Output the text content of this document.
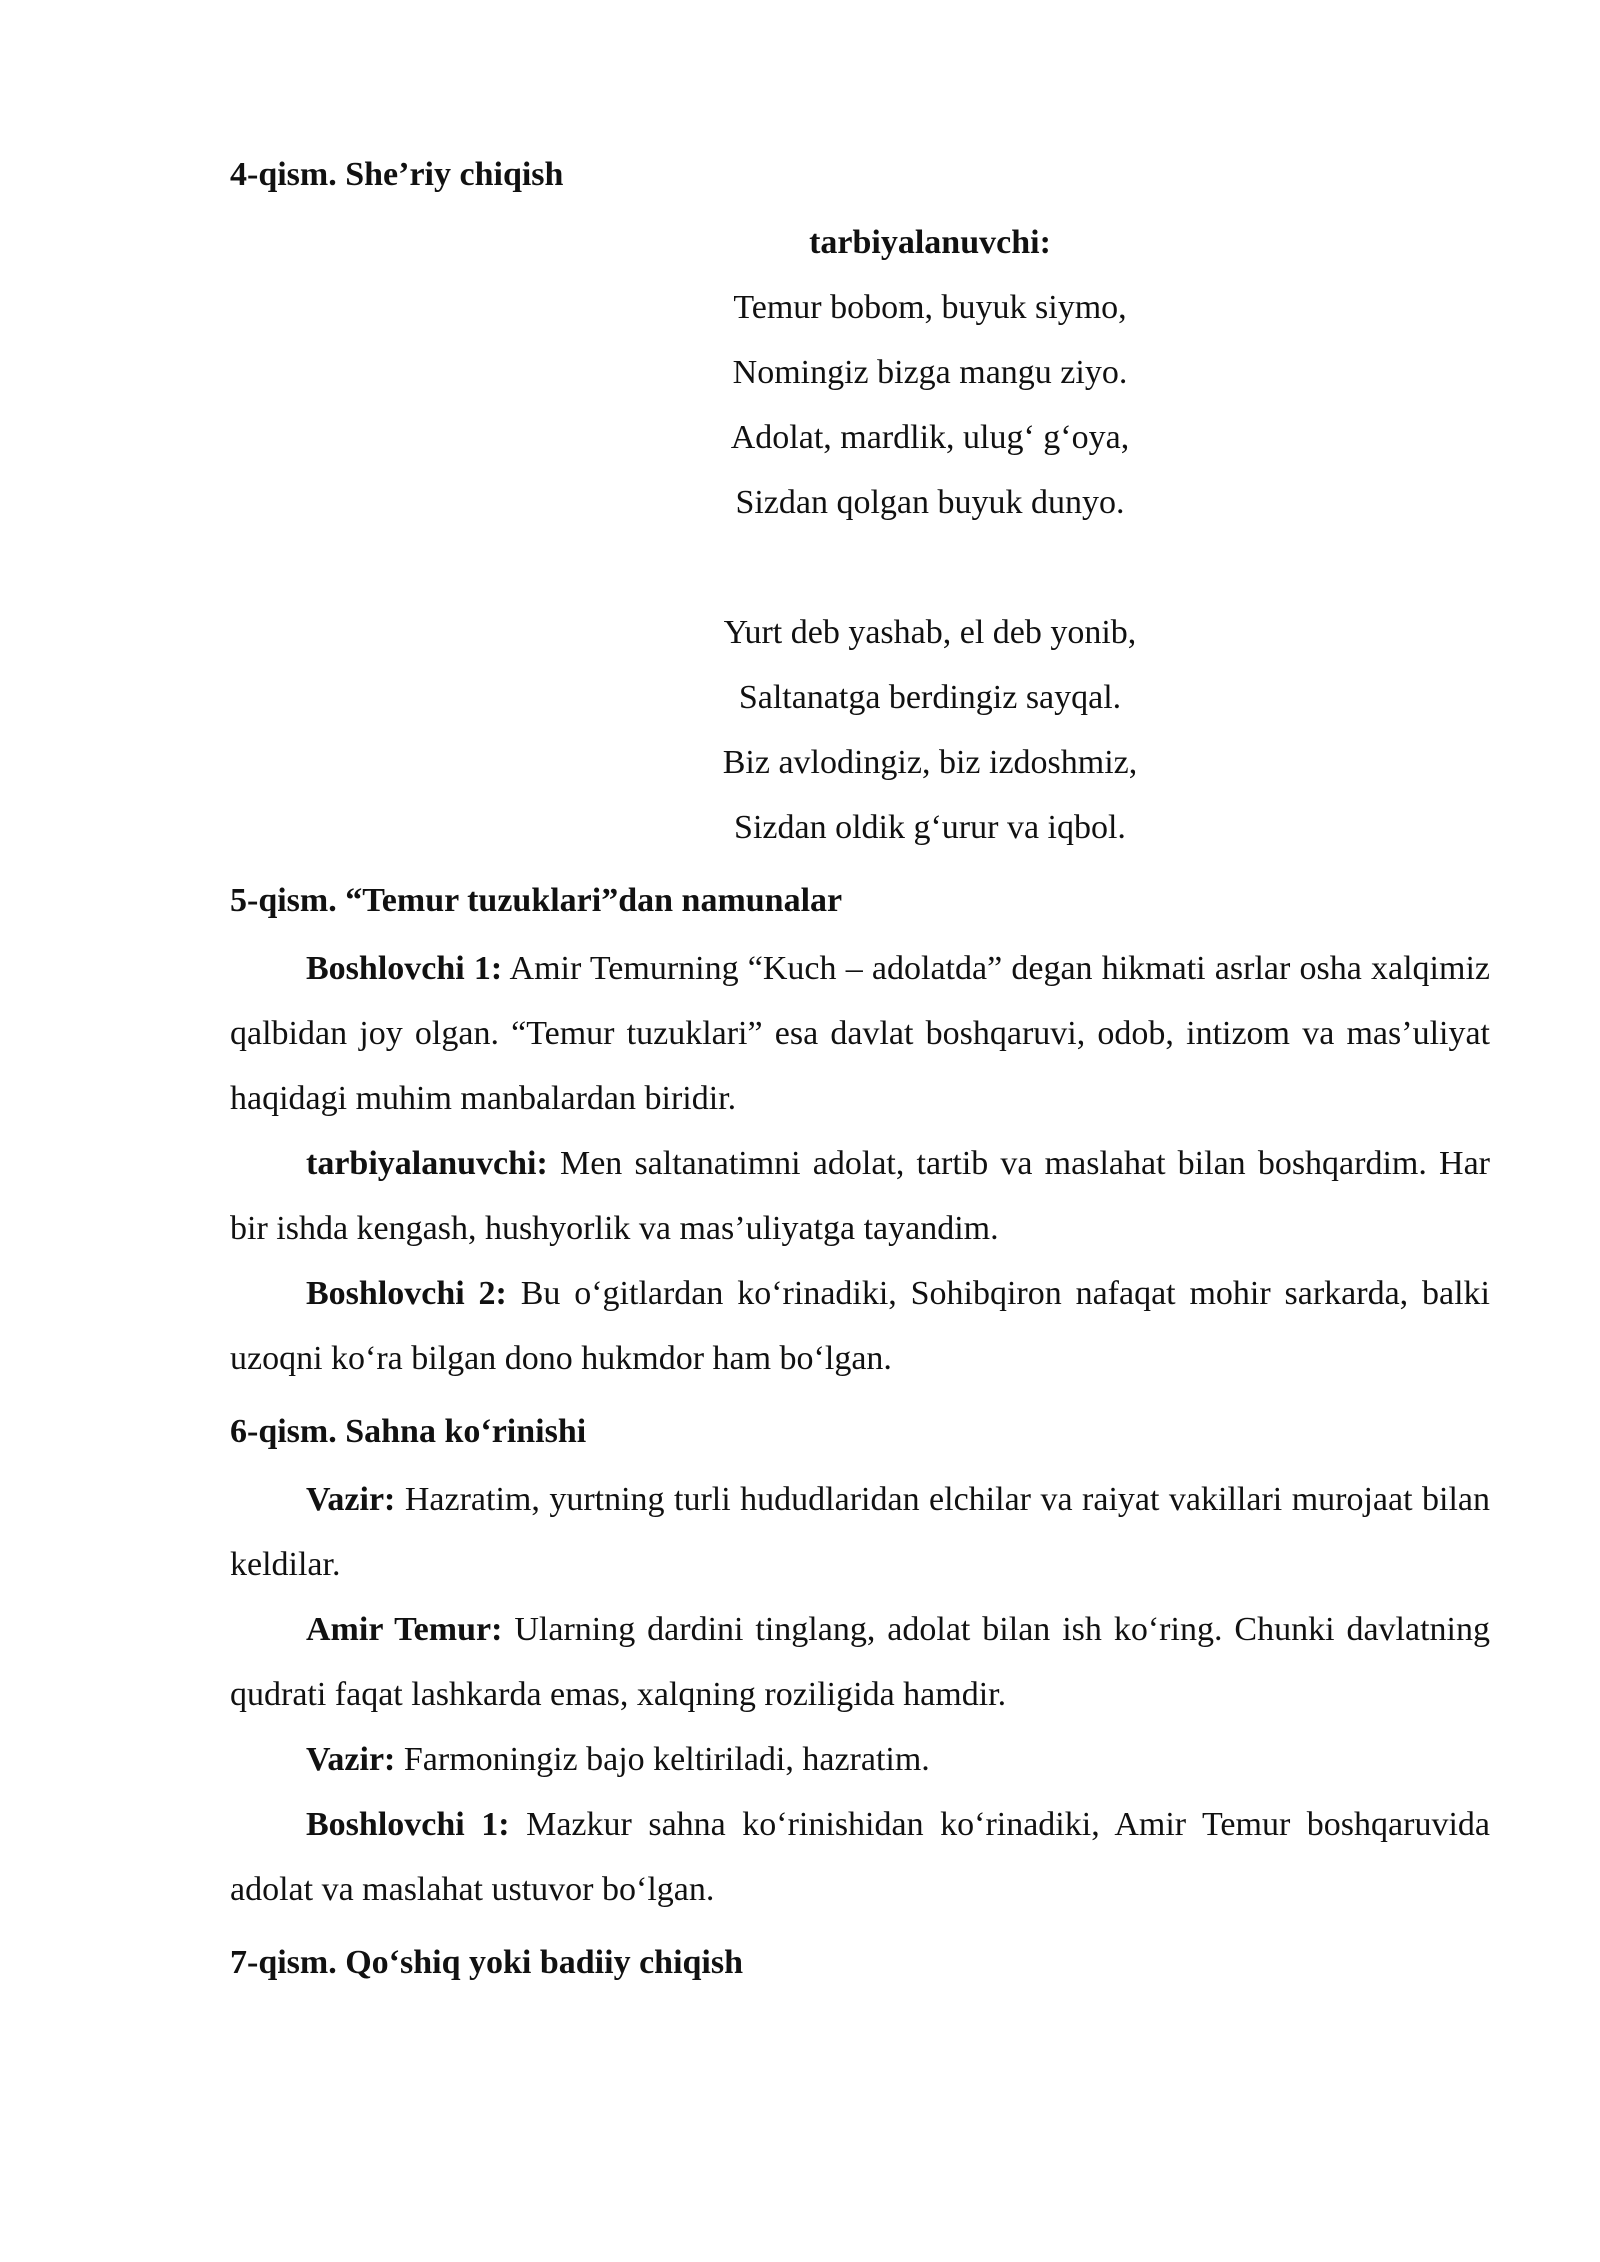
4-qism. She’riy chiqish
tarbiyalanuvchi:
Temur bobom, buyuk siymo,
Nomingiz bizga mangu ziyo.
Adolat, mardlik, ulug‘ g‘oya,
Sizdan qolgan buyuk dunyo.
Yurt deb yashab, el deb yonib,
Saltanatga berdingiz sayqal.
Biz avlodingiz, biz izdoshmiz,
Sizdan oldik g‘urur va iqbol.
5-qism. “Temur tuzuklari”dan namunalar

Boshlovchi 1: Amir Temurning “Kuch – adolatda” degan hikmati asrlar osha xalqimiz qalbidan joy olgan. “Temur tuzuklari” esa davlat boshqaruvi, odob, intizom va mas’uliyat haqidagi muhim manbalardan biridir.

tarbiyalanuvchi: Men saltanatimni adolat, tartib va maslahat bilan boshqardim. Har bir ishda kengash, hushyorlik va mas’uliyatga tayandim.

Boshlovchi 2: Bu o‘gitlardan ko‘rinadiki, Sohibqiron nafaqat mohir sarkarda, balki uzoqni ko‘ra bilgan dono hukmdor ham bo‘lgan.

6-qism. Sahna ko‘rinishi

Vazir: Hazratim, yurtning turli hududlaridan elchilar va raiyat vakillari murojaat bilan keldilar.

Amir Temur: Ularning dardini tinglang, adolat bilan ish ko‘ring. Chunki davlatning qudrati faqat lashkarda emas, xalqning roziligida hamdir.

Vazir: Farmoningiz bajo keltiriladi, hazratim.

Boshlovchi 1: Mazkur sahna ko‘rinishidan ko‘rinadiki, Amir Temur boshqaruvida adolat va maslahat ustuvor bo‘lgan.

7-qism. Qo‘shiq yoki badiiy chiqish
